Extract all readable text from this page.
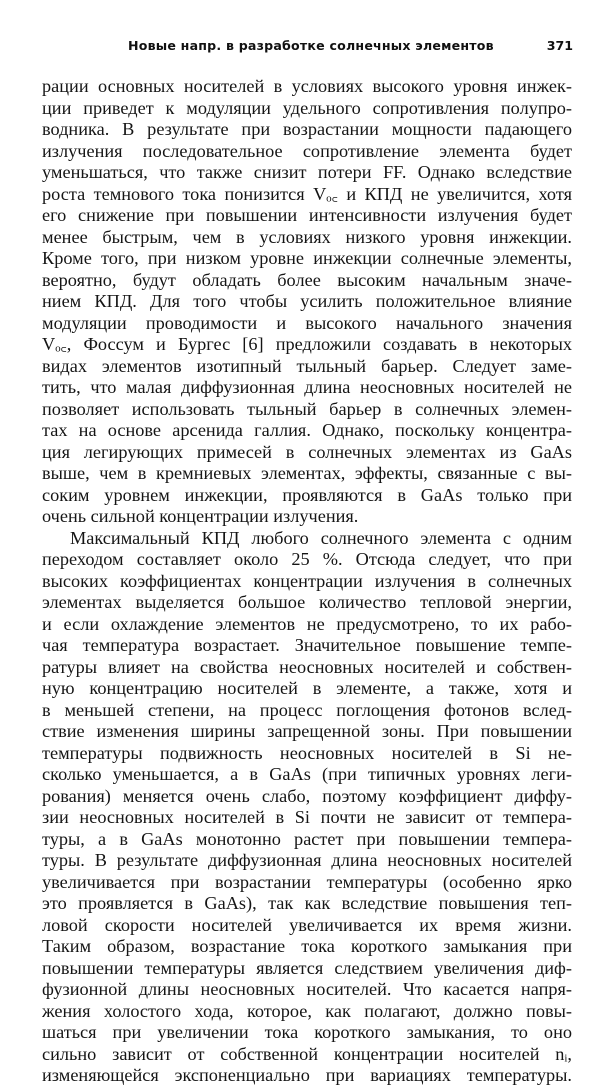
Новые напр. в разработке солнечных элементов	371
рации основных носителей в условиях высокого уровня инжек-
ции приведет к модуляции удельного сопротивления полупро-
водника. В результате при возрастании мощности падающего
излучения последовательное сопротивление элемента будет
уменьшаться, что также снизит потери FF. Однако вследствие
роста темнового тока понизится Vₒ꜀ и КПД не увеличится, хотя
его снижение при повышении интенсивности излучения будет
менее быстрым, чем в условиях низкого уровня инжекции.
Кроме того, при низком уровне инжекции солнечные элементы,
вероятно, будут обладать более высоким начальным значе-
нием КПД. Для того чтобы усилить положительное влияние
модуляции проводимости и высокого начального значения
Vₒ꜀, Фоссум и Бургес [6] предложили создавать в некоторых
видах элементов изотипный тыльный барьер. Следует заме-
тить, что малая диффузионная длина неосновных носителей не
позволяет использовать тыльный барьер в солнечных элемен-
тах на основе арсенида галлия. Однако, поскольку концентра-
ция легирующих примесей в солнечных элементах из GaAs
выше, чем в кремниевых элементах, эффекты, связанные с вы-
соким уровнем инжекции, проявляются в GaAs только при
очень сильной концентрации излучения.
Максимальный КПД любого солнечного элемента с одним
переходом составляет около 25 %. Отсюда следует, что при
высоких коэффициентах концентрации излучения в солнечных
элементах выделяется большое количество тепловой энергии,
и если охлаждение элементов не предусмотрено, то их рабо-
чая температура возрастает. Значительное повышение темпе-
ратуры влияет на свойства неосновных носителей и собствен-
ную концентрацию носителей в элементе, а также, хотя и
в меньшей степени, на процесс поглощения фотонов вслед-
ствие изменения ширины запрещенной зоны. При повышении
температуры подвижность неосновных носителей в Si не-
сколько уменьшается, а в GaAs (при типичных уровнях леги-
рования) меняется очень слабо, поэтому коэффициент диффу-
зии неосновных носителей в Si почти не зависит от темпера-
туры, а в GaAs монотонно растет при повышении темпера-
туры. В результате диффузионная длина неосновных носителей
увеличивается при возрастании температуры (особенно ярко
это проявляется в GaAs), так как вследствие повышения теп-
ловой скорости носителей увеличивается их время жизни.
Таким образом, возрастание тока короткого замыкания при
повышении температуры является следствием увеличения диф-
фузионной длины неосновных носителей. Что касается напря-
жения холостого хода, которое, как полагают, должно повы-
шаться при увеличении тока короткого замыкания, то оно
сильно зависит от собственной концентрации носителей nᵢ,
изменяющейся экспоненциально при вариациях температуры.
